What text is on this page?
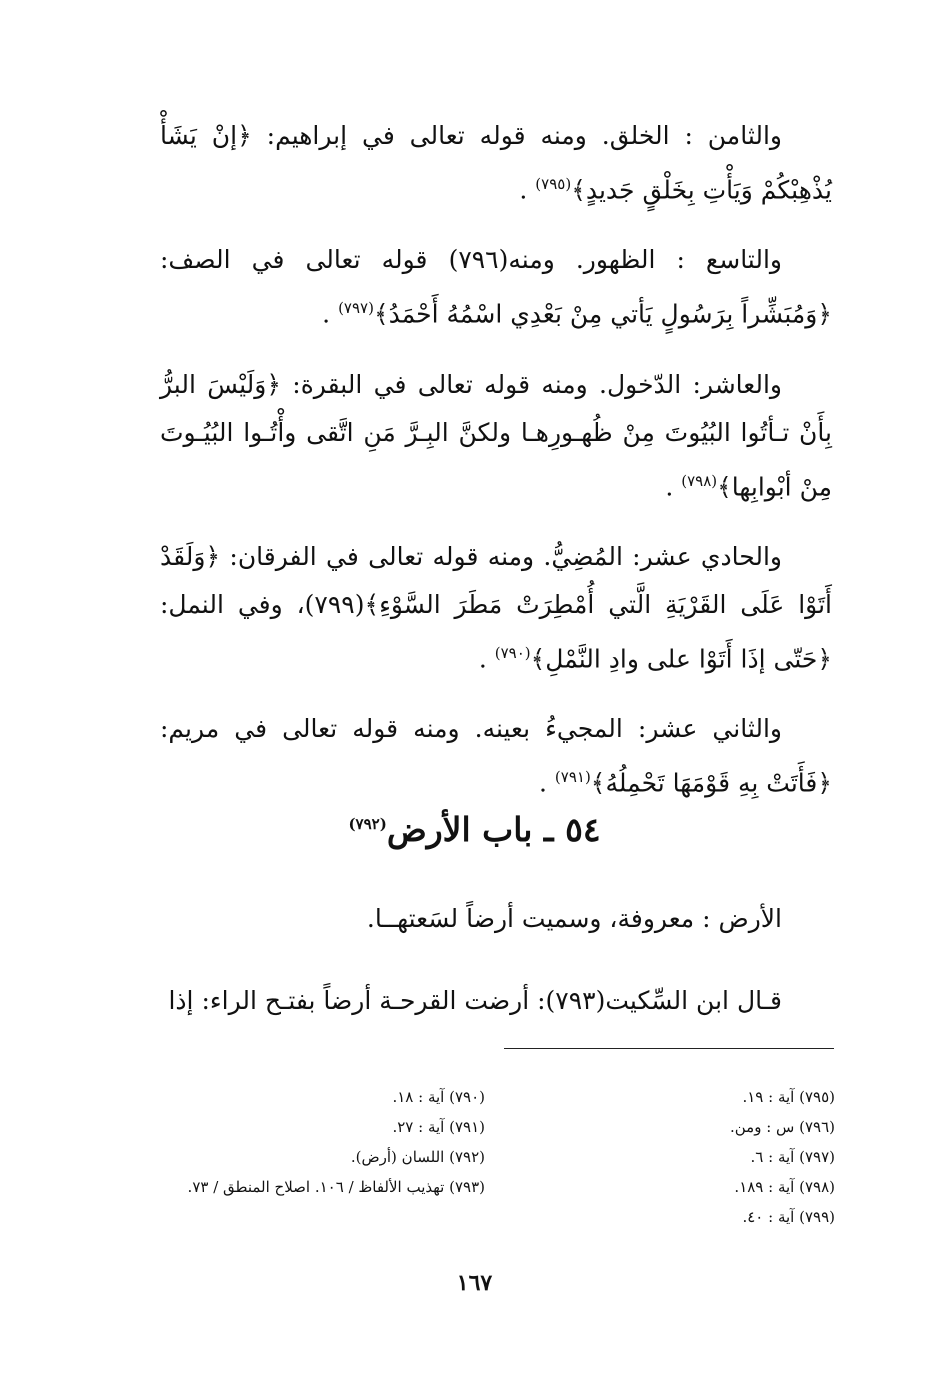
والثامن : الخلق. ومنه قوله تعالى في إبراهيم: ﴿إنْ يَشَأْ يُذْهِبْكُمْ وَيَأْتِ بِخَلْقٍ جَديدٍ﴾$^{(٧٩٥)}$ .

والتاسع : الظهور. ومنه(٧٩٦) قوله تعالى في الصف: ﴿وَمُبَشِّراً بِرَسُولٍ يَأتي مِنْ بَعْدِي اسْمُهُ أَحْمَدُ﴾$^{(٧٩٧)}$ .

والعاشر: الدّخول. ومنه قوله تعالى في البقرة: ﴿وَلَيْسَ البرُّ بِأَنْ تـأتُوا البُيُوتَ مِنْ ظُهـورِهـا ولكنَّ البِـرَّ مَنِ اتَّقى وأْتُـوا البُيُـوتَ مِنْ أبْوابِها﴾$^{(٧٩٨)}$ .

والحادي عشر: المُضِيُّ. ومنه قوله تعالى في الفرقان: ﴿وَلَقَدْ أَتَوْا عَلَى القَرْيَةِ الَّتي أُمْطِرَتْ مَطَرَ السَّوْءِ﴾(٧٩٩)، وفي النمل: ﴿حَتّى إذَا أَتَوْا على وادِ النَّمْلِ﴾$^{(٧٩٠)}$ .

والثاني عشر: المجيءُ بعينه. ومنه قوله تعالى في مريم: ﴿فَأَتَتْ بِهِ قَوْمَهَا تَحْمِلُهُ﴾$^{(٧٩١)}$ .

٥٤ ـ باب الأرض$^{(٧٩٢)}$

الأرض : معروفة، وسميت أرضاً لسَعتهــا.

قـال ابن السِّكيت(٧٩٣): أرضت القرحـة أرضاً بفتـح الراء: إذا

(٧٩٥) آية : ١٩.
(٧٩٦) س : ومن.
(٧٩٧) آية : ٦.
(٧٩٨) آية : ١٨٩.
(٧٩٩) آية : ٤٠.
(٧٩٠) آية : ١٨.
(٧٩١) آية : ٢٧.
(٧٩٢) اللسان (أرض).
(٧٩٣) تهذيب الألفاظ / ١٠٦. اصلاح المنطق / ٧٣.
١٦٧
